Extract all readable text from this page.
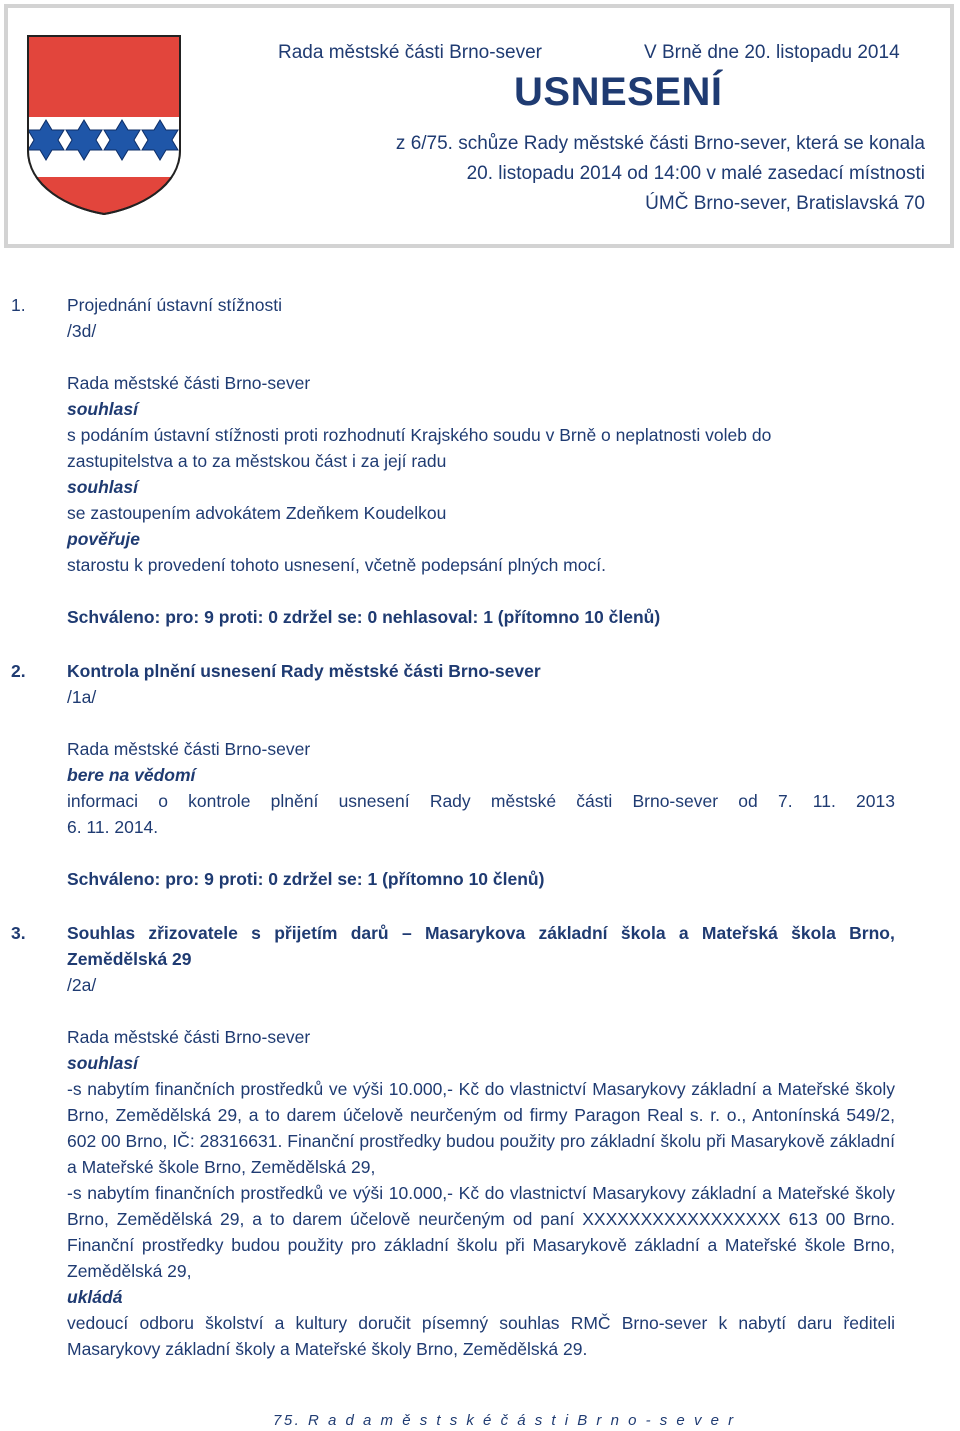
Rada městské části Brno-sever	V Brně dne 20. listopadu 2014
USNESENÍ
z 6/75. schůze Rady městské části Brno-sever, která se konala
20. listopadu 2014 od 14:00 v malé zasedací místnosti
ÚMČ Brno-sever, Bratislavská 70
1. Projednání ústavní stížnosti
/3d/
Rada městské části Brno-sever
souhlasí
s podáním ústavní stížnosti proti rozhodnutí Krajského soudu v Brně o neplatnosti voleb do
zastupitelstva a to za městskou část i za její radu
souhlasí
se zastoupením advokátem Zdeňkem Koudelkou
pověřuje
starostu k provedení tohoto usnesení, včetně podepsání plných mocí.
Schváleno: pro: 9 proti: 0 zdržel se: 0 nehlasoval: 1 (přítomno 10 členů)
2. Kontrola plnění usnesení Rady městské části Brno-sever
/1a/
Rada městské části Brno-sever
bere na vědomí
informaci o kontrole plnění usnesení Rady městské části Brno-sever od 7. 11. 2013
6. 11. 2014.
Schváleno: pro: 9 proti: 0 zdržel se: 1 (přítomno 10 členů)
3. Souhlas zřizovatele s přijetím darů – Masarykova základní škola a Mateřská škola Brno,
Zemědělská 29
/2a/
Rada městské části Brno-sever
souhlasí
-s nabytím finančních prostředků ve výši 10.000,- Kč do vlastnictví Masarykovy základní a Mateřské školy Brno, Zemědělská 29, a to darem účelově neurčeným od firmy Paragon Real s. r. o., Antonínská 549/2, 602 00 Brno, IČ: 28316631. Finanční prostředky budou použity pro základní školu při Masarykově základní a Mateřské škole Brno, Zemědělská 29,
-s nabytím finančních prostředků ve výši 10.000,- Kč do vlastnictví Masarykovy základní a Mateřské školy Brno, Zemědělská 29, a to darem účelově neurčeným od paní XXXXXXXXXXXXXXXXX 613 00 Brno. Finanční prostředky budou použity pro základní školu při Masarykově základní a Mateřské škole Brno, Zemědělská 29,
ukládá
vedoucí odboru školství a kultury doručit písemný souhlas RMČ Brno-sever k nabytí daru řediteli Masarykovy základní školy a Mateřské školy Brno, Zemědělská 29.
75. R a d a m ě s t s k é č á s t i B r n o - s e v e r
